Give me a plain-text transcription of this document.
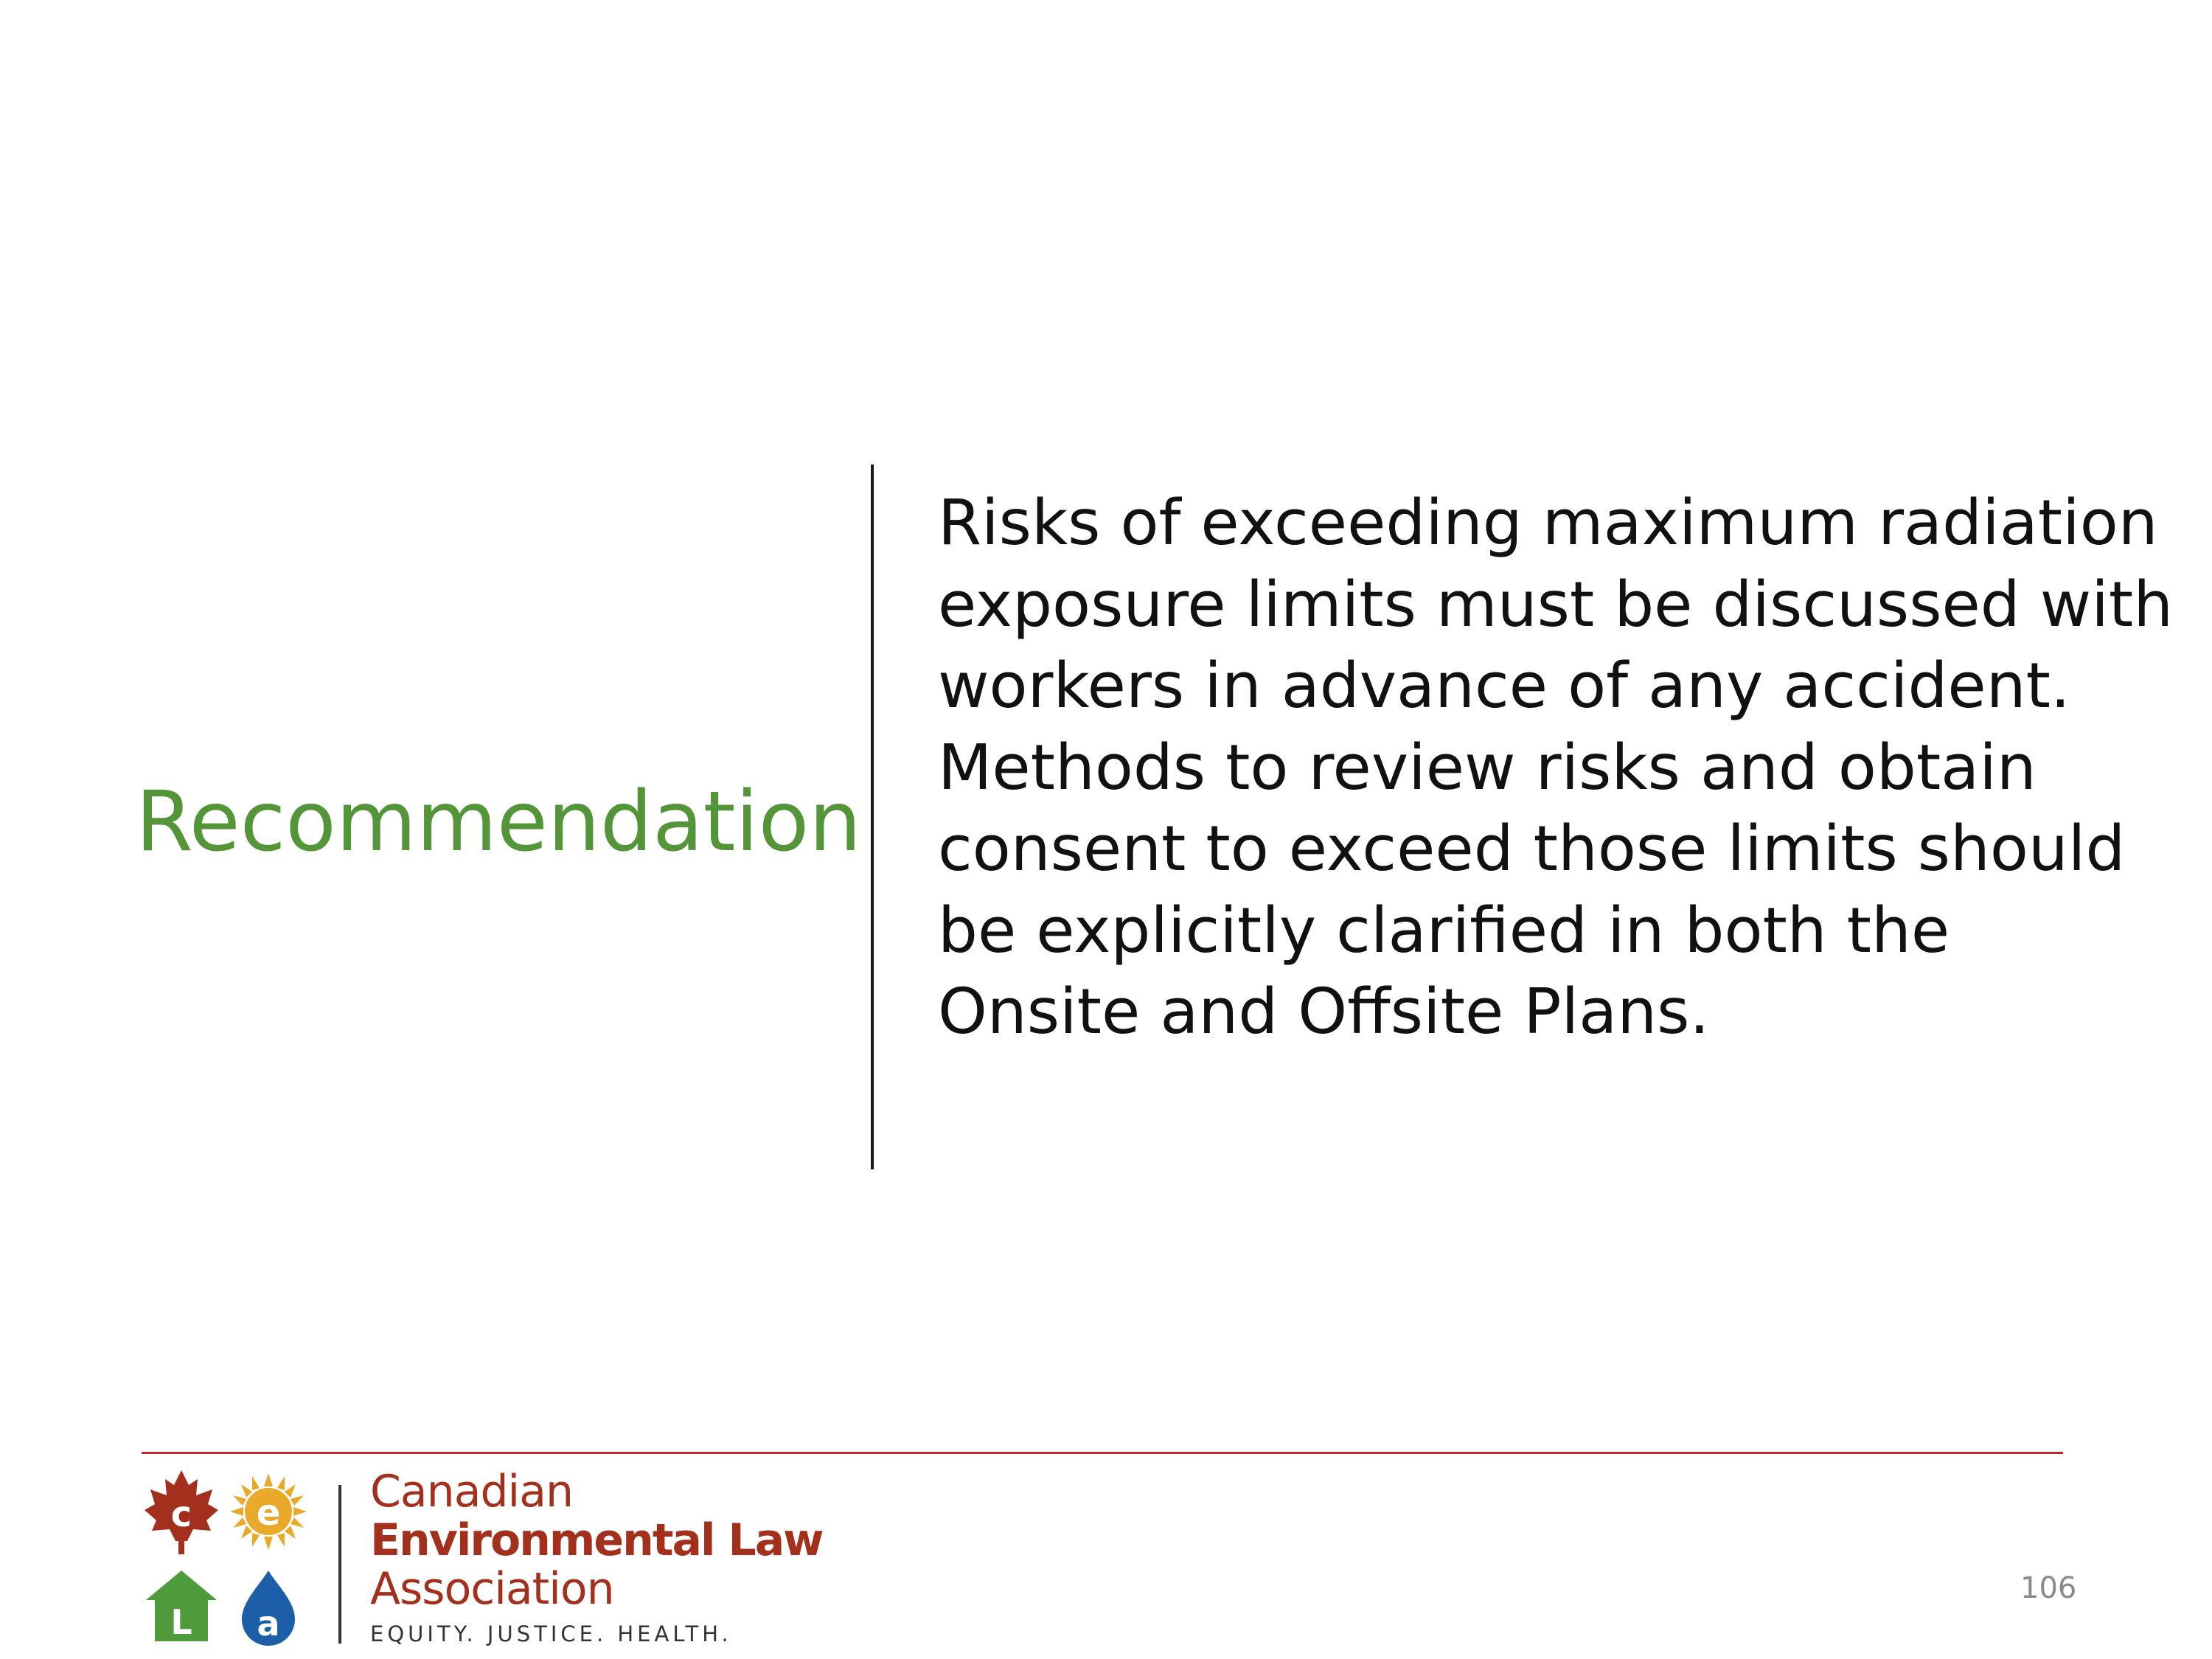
Recommendation

Risks of exceeding maximum radiation
exposure limits must be discussed with
workers in advance of any accident.
Methods to review risks and obtain
consent to exceed those limits should
be explicitly clarified in both the
Onsite and Offsite Plans.

c e
L a
Canadian
Environmental Law
Association
EQUITY. JUSTICE. HEALTH.
106
